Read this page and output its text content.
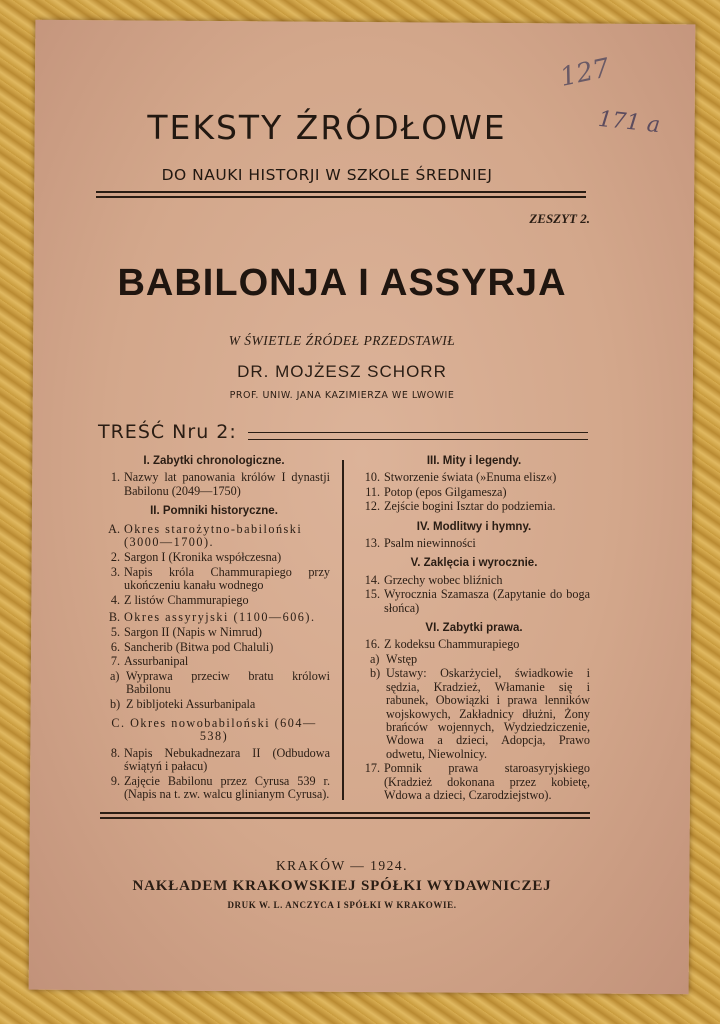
127
171 a
TEKSTY ŹRÓDŁOWE
DO NAUKI HISTORJI W SZKOLE ŚREDNIEJ
ZESZYT 2.
BABILONJA I ASSYRJA
W ŚWIETLE ŹRÓDEŁ PRZEDSTAWIŁ
DR. MOJŻESZ SCHORR
PROF. UNIW. JANA KAZIMIERZA WE LWOWIE
TREŚĆ Nru 2:
I. Zabytki chronologiczne.
1. Nazwy lat panowania królów I dynastji Babilonu (2049—1750)
II. Pomniki historyczne.
A. Okres starożytno-babiloński (3000—1700).
2. Sargon I (Kronika współczesna)
3. Napis króla Chammurapiego przy ukończeniu kanału wodnego
4. Z listów Chammurapiego
B. Okres assyryjski (1100—606).
5. Sargon II (Napis w Nimrud)
6. Sancherib (Bitwa pod Chaluli)
7. Assurbanipal
a) Wyprawa przeciw bratu królowi Babilonu
b) Z bibljoteki Assurbanipala
C. Okres nowobabiloński (604—538)
8. Napis Nebukadnezara II (Odbudowa świątyń i pałacu)
9. Zajęcie Babilonu przez Cyrusa 539 r. (Napis na t. zw. walcu glinianym Cyrusa).
III. Mity i legendy.
10. Stworzenie świata (»Enuma elisz«)
11. Potop (epos Gilgamesza)
12. Zejście bogini Isztar do podziemia.
IV. Modlitwy i hymny.
13. Psalm niewinności
V. Zaklęcia i wyrocznie.
14. Grzechy wobec bliźnich
15. Wyrocznia Szamasza (Zapytanie do boga słońca)
VI. Zabytki prawa.
16. Z kodeksu Chammurapiego
a) Wstęp
b) Ustawy: Oskarżyciel, świadkowie i sędzia, Kradzież, Włamanie się i rabunek, Obowiązki i prawa lenników wojskowych, Zakładnicy dłużni, Żony brańców wojennych, Wydziedziczenie, Wdowa a dzieci, Adopcja, Prawo odwetu, Niewolnicy.
17. Pomnik prawa staroasyryjskiego (Kradzież dokonana przez kobietę, Wdowa a dzieci, Czarodziejstwo).
KRAKÓW — 1924.
NAKŁADEM KRAKOWSKIEJ SPÓŁKI WYDAWNICZEJ
DRUK W. L. ANCZYCA I SPÓŁKI W KRAKOWIE.
